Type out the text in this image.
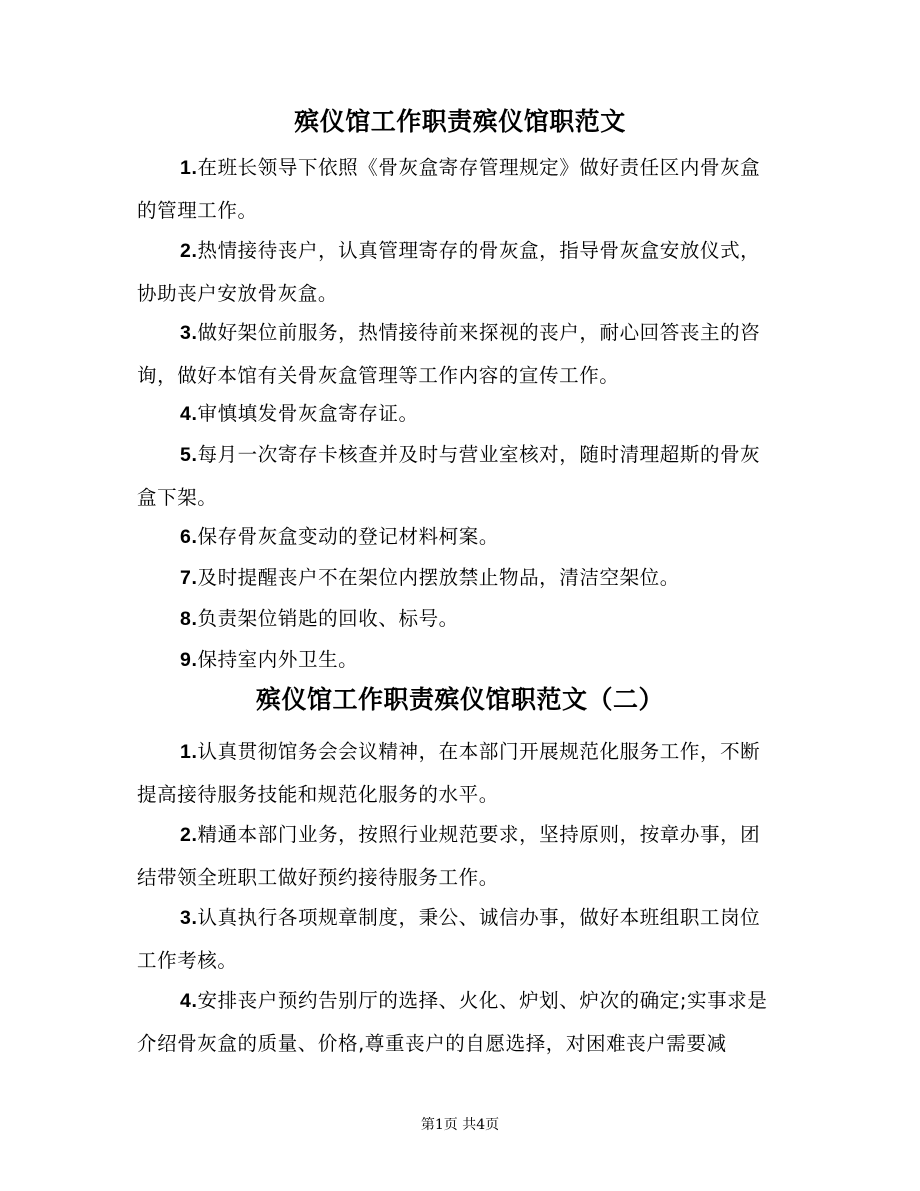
殡仪馆工作职责殡仪馆职范文

1.在班长领导下依照《骨灰盒寄存管理规定》做好责任区内骨灰盒的管理工作。

2.热情接待丧户，认真管理寄存的骨灰盒，指导骨灰盒安放仪式，协助丧户安放骨灰盒。

3.做好架位前服务，热情接待前来探视的丧户，耐心回答丧主的咨询，做好本馆有关骨灰盒管理等工作内容的宣传工作。

4.审慎填发骨灰盒寄存证。

5.每月一次寄存卡核查并及时与营业室核对，随时清理超斯的骨灰盒下架。

6.保存骨灰盒变动的登记材料柯案。

7.及时提醒丧户不在架位内摆放禁止物品，清洁空架位。

8.负责架位销匙的回收、标号。

9.保持室内外卫生。

殡仪馆工作职责殡仪馆职范文（二）

1.认真贯彻馆务会会议精神，在本部门开展规范化服务工作，不断提高接待服务技能和规范化服务的水平。

2.精通本部门业务，按照行业规范要求，坚持原则，按章办事，团结带领全班职工做好预约接待服务工作。

3.认真执行各项规章制度，秉公、诚信办事，做好本班组职工岗位工作考核。

4.安排丧户预约告别厅的选择、火化、炉划、炉次的确定;实事求是介绍骨灰盒的质量、价格,尊重丧户的自愿选择，对困难丧户需要减

第1页 共4页
